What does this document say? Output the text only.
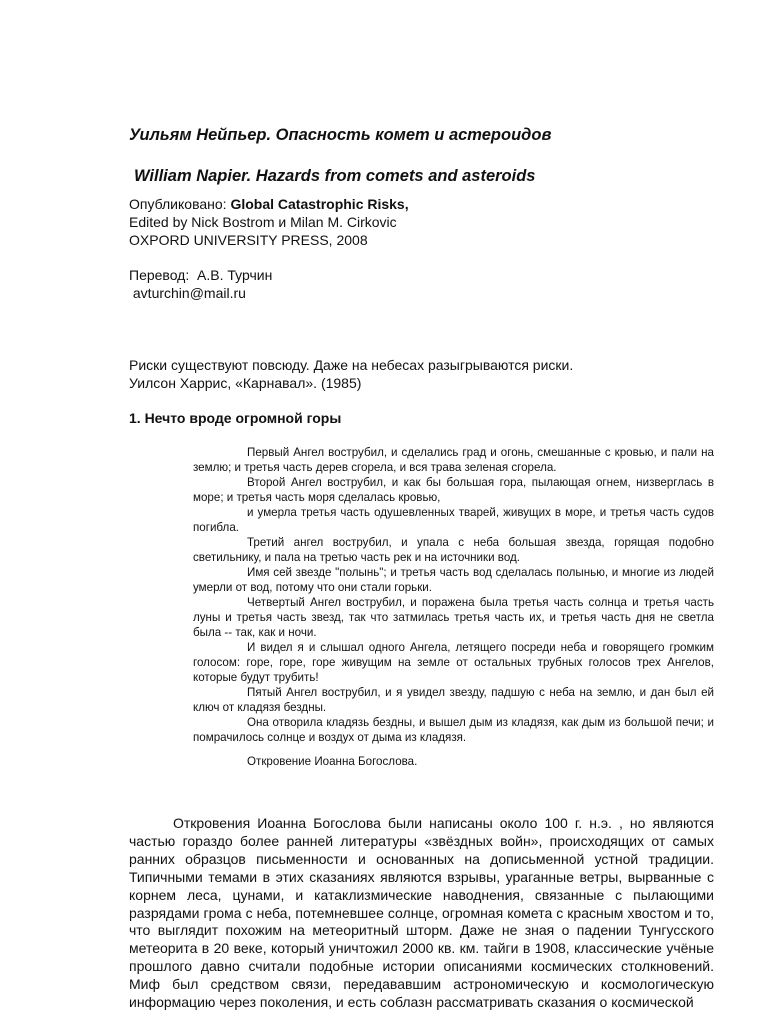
Уильям Нейпьер. Опасность комет и астероидов
William Napier. Hazards from comets and asteroids
Опубликовано: Global Catastrophic Risks,
Edited by Nick Bostrom и Milan M. Cirkovic
OXPORD UNIVERSITY PRESS, 2008
Перевод:  А.В. Турчин
avturchin@mail.ru
Риски существуют повсюду. Даже на небесах разыгрываются риски.
Уилсон Харрис, «Карнавал». (1985)
1. Нечто вроде огромной горы

Первый Ангел вострубил, и сделались град и огонь, смешанные с кровью, и пали на землю; и третья часть дерев сгорела, и вся трава зеленая сгорела.

Второй Ангел вострубил, и как бы большая гора, пылающая огнем, низверглась в море; и третья часть моря сделалась кровью,

и умерла третья часть одушевленных тварей, живущих в море, и третья часть судов погибла.

Третий ангел вострубил, и упала с неба большая звезда, горящая подобно светильнику, и пала на третью часть рек и на источники вод.

Имя сей звезде "полынь"; и третья часть вод сделалась полынью, и многие из людей умерли от вод, потому что они стали горьки.

Четвертый Ангел вострубил, и поражена была третья часть солнца и третья часть луны и третья часть звезд, так что затмилась третья часть их, и третья часть дня не светла была -- так, как и ночи.

И видел я и слышал одного Ангела, летящего посреди неба и говорящего громким голосом: горе, горе, горе живущим на земле от остальных трубных голосов трех Ангелов, которые будут трубить!

Пятый Ангел вострубил, и я увидел звезду, падшую с неба на землю, и дан был ей ключ от кладязя бездны.

Она отворила кладязь бездны, и вышел дым из кладязя, как дым из большой печи; и помрачилось солнце и воздух от дыма из кладязя.

Откровение Иоанна Богослова.

Откровения Иоанна Богослова были написаны около 100 г. н.э. , но являются частью гораздо более ранней литературы «звёздных войн», происходящих от самых ранних образцов письменности и основанных на дописьменной устной традиции. Типичными темами в этих сказаниях являются взрывы, ураганные ветры, вырванные с корнем леса, цунами, и катаклизмические наводнения, связанные с пылающими разрядами грома с неба, потемневшее солнце, огромная комета с красным хвостом и то, что выглядит похожим на метеоритный шторм. Даже не зная о падении Тунгусского метеорита в 20 веке, который уничтожил 2000 кв. км. тайги в 1908, классические учёные прошлого давно считали подобные истории описаниями космических столкновений. Миф был средством связи, передававшим астрономическую и космологическую информацию через поколения, и есть соблазн рассматривать сказания о космической
